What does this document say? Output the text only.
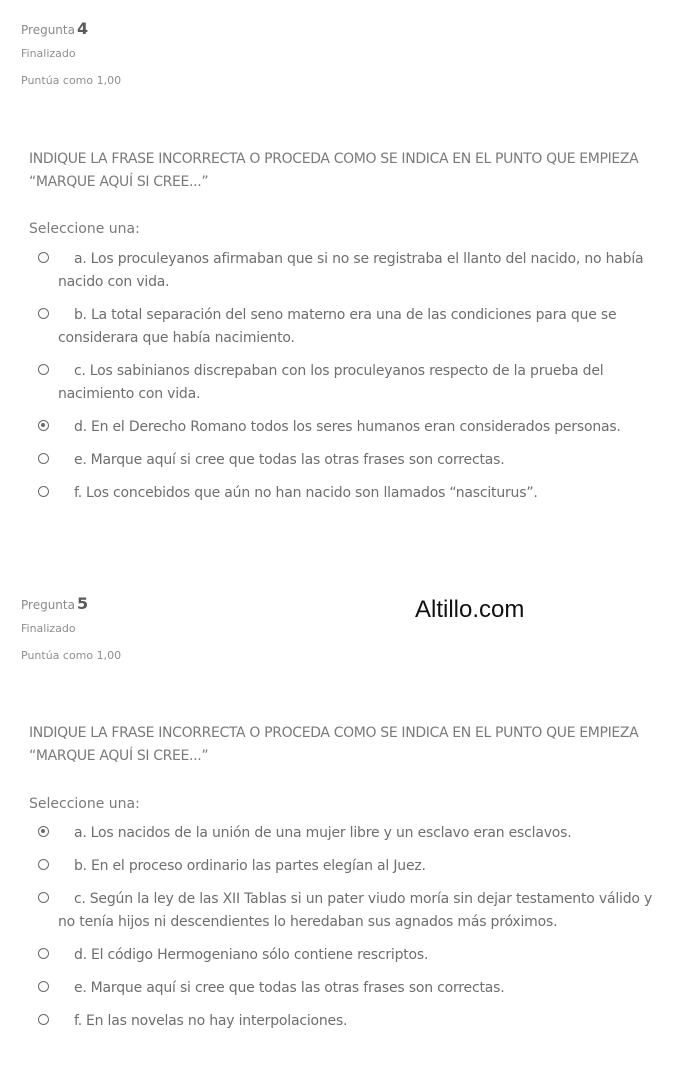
Pregunta 4
Finalizado
Puntúa como 1,00
INDIQUE LA FRASE INCORRECTA O PROCEDA COMO SE INDICA EN EL PUNTO QUE EMPIEZA “MARQUE AQUÍ SI CREE...”
Seleccione una:
a. Los proculeyanos afirmaban que si no se registraba el llanto del nacido, no había nacido con vida.
b. La total separación del seno materno era una de las condiciones para que se considerara que había nacimiento.
c. Los sabinianos discrepaban con los proculeyanos respecto de la prueba del nacimiento con vida.
d. En el Derecho Romano todos los seres humanos eran considerados personas.
e. Marque aquí si cree que todas las otras frases son correctas.
f. Los concebidos que aún no han nacido son llamados “nasciturus”.
Altillo.com
Pregunta 5
Finalizado
Puntúa como 1,00
INDIQUE LA FRASE INCORRECTA O PROCEDA COMO SE INDICA EN EL PUNTO QUE EMPIEZA “MARQUE AQUÍ SI CREE...”
Seleccione una:
a. Los nacidos de la unión de una mujer libre y un esclavo eran esclavos.
b. En el proceso ordinario las partes elegían al Juez.
c. Según la ley de las XII Tablas si un pater viudo moría sin dejar testamento válido y no tenía hijos ni descendientes lo heredaban sus agnados más próximos.
d. El código Hermogeniano sólo contiene rescriptos.
e. Marque aquí si cree que todas las otras frases son correctas.
f. En las novelas no hay interpolaciones.
